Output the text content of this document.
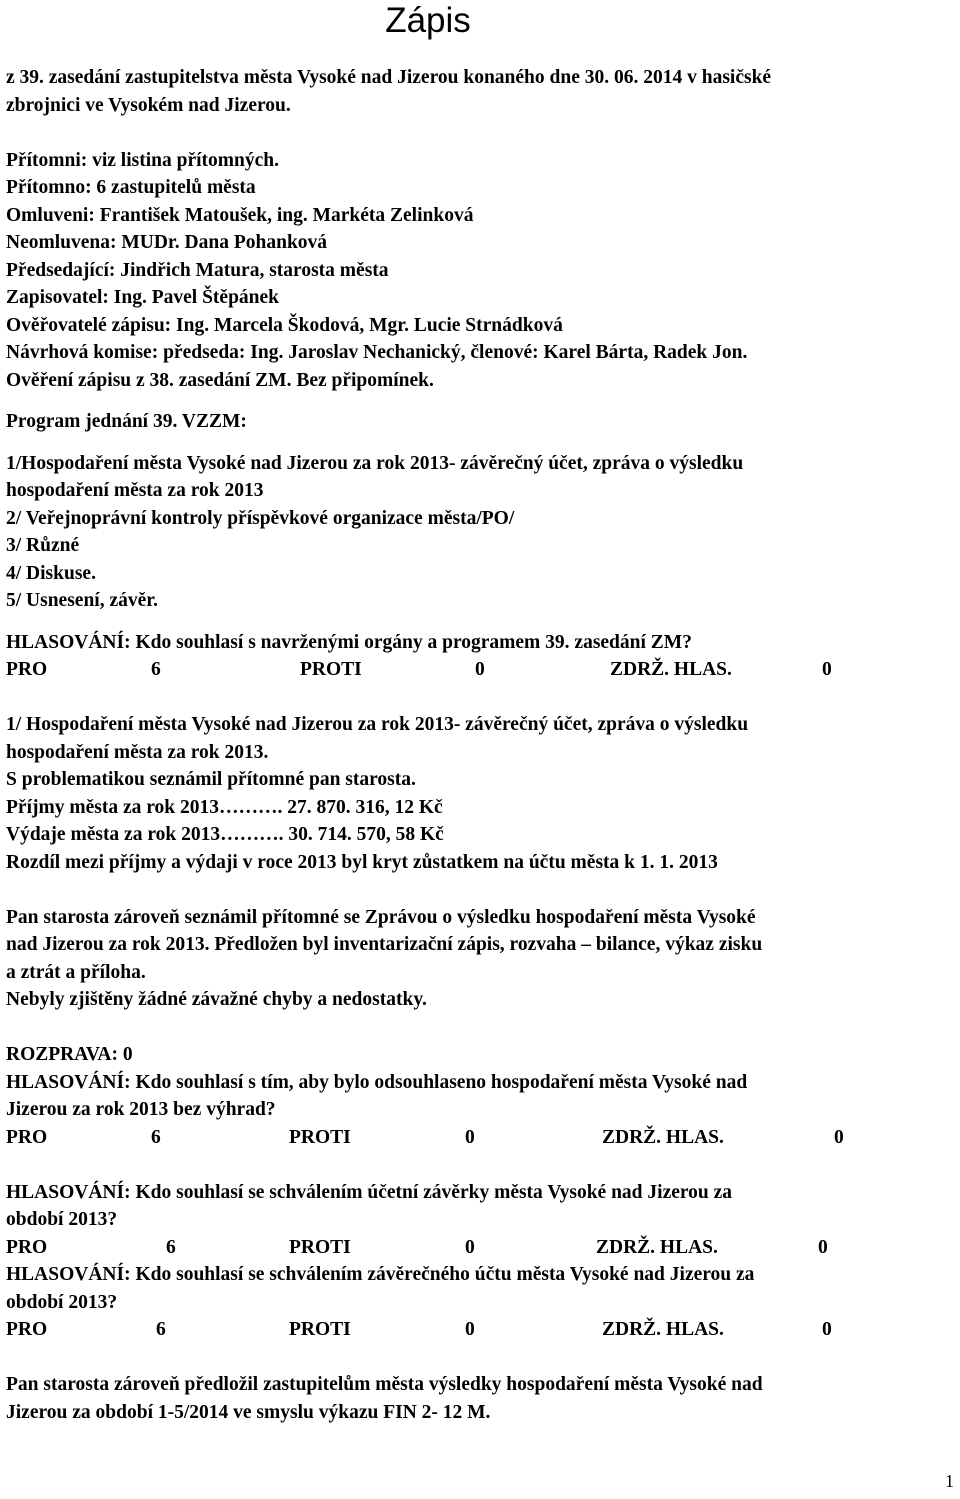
Zápis
z 39. zasedání zastupitelstva města Vysoké nad Jizerou konaného dne 30. 06. 2014 v hasičské
zbrojnici ve Vysokém nad Jizerou.
Přítomni: viz listina přítomných.
Přítomno: 6 zastupitelů města
Omluveni: František Matoušek, ing. Markéta Zelinková
Neomluvena: MUDr. Dana Pohanková
Předsedající: Jindřich Matura, starosta města
Zapisovatel: Ing. Pavel Štěpánek
Ověřovatelé zápisu: Ing. Marcela Škodová, Mgr. Lucie Strnádková
Návrhová komise: předseda: Ing. Jaroslav Nechanický, členové: Karel Bárta, Radek Jon.
Ověření zápisu z 38. zasedání ZM. Bez připomínek.
Program jednání 39. VZZM:
1/Hospodaření města Vysoké nad Jizerou za rok 2013- závěrečný účet, zpráva o výsledku
hospodaření města za rok 2013
2/ Veřejnoprávní kontroly příspěvkové organizace města/PO/
3/ Různé
4/ Diskuse.
5/ Usnesení, závěr.
HLASOVÁNÍ: Kdo souhlasí s navrženými orgány a programem 39. zasedání ZM?
PRO	6	PROTI	0	ZDRŽ. HLAS.	0
1/ Hospodaření města Vysoké nad Jizerou za rok 2013- závěrečný účet, zpráva o výsledku
hospodaření města za rok 2013.
S problematikou seznámil přítomné pan starosta.
Příjmy města za rok 2013………. 27. 870. 316, 12 Kč
Výdaje města za rok 2013………. 30. 714. 570, 58 Kč
Rozdíl mezi příjmy a výdaji v roce 2013 byl kryt zůstatkem na účtu města k 1. 1. 2013
Pan starosta zároveň seznámil přítomné se Zprávou o výsledku hospodaření města Vysoké
nad Jizerou za rok 2013. Předložen byl inventarizační zápis, rozvaha – bilance, výkaz zisku
a ztrát a příloha.
Nebyly zjištěny žádné závažné chyby a nedostatky.
ROZPRAVA: 0
HLASOVÁNÍ: Kdo souhlasí s tím, aby bylo odsouhlaseno hospodaření města Vysoké nad
Jizerou za rok 2013 bez výhrad?
PRO	6	PROTI	0	ZDRŽ. HLAS.	0
HLASOVÁNÍ: Kdo souhlasí se schválením účetní závěrky města Vysoké nad Jizerou za
období 2013?
PRO	6	PROTI	0	ZDRŽ. HLAS.	0
HLASOVÁNÍ: Kdo souhlasí se schválením závěrečného účtu města Vysoké nad Jizerou za
období 2013?
PRO	6	PROTI	0	ZDRŽ. HLAS.	0
Pan starosta zároveň předložil zastupitelům města výsledky hospodaření města Vysoké nad
Jizerou za období 1-5/2014 ve smyslu výkazu FIN 2- 12 M.
1
